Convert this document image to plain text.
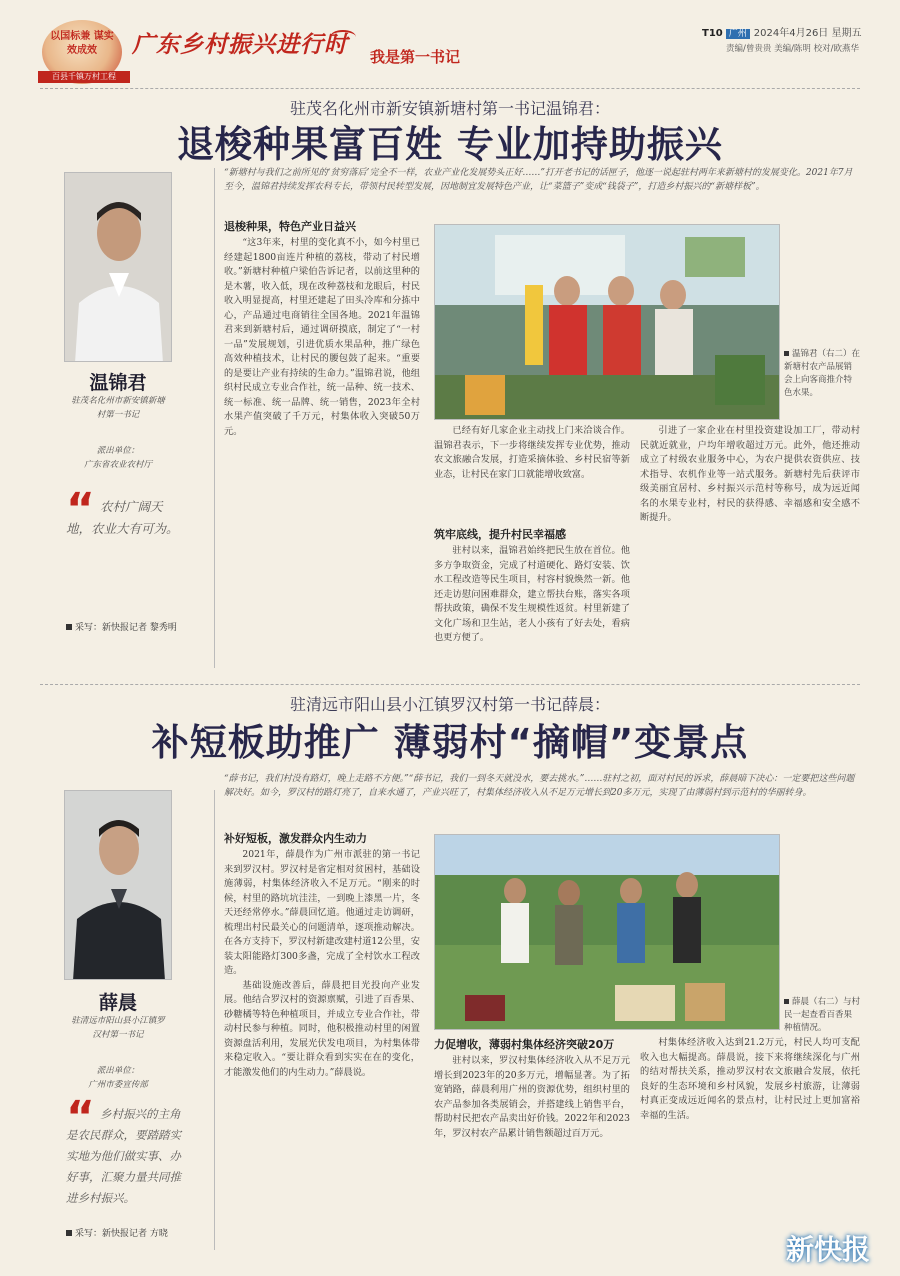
以国标兼 谋实效成效
百县千镇万村工程
广东乡村振兴进行时 我是第一书记
T10 广州 2024年4月26日 星期五
责编/曾贵贵 美编/陈明 校对/欧燕华
驻茂名化州市新安镇新塘村第一书记温锦君：
退梭种果富百姓 专业加持助振兴
“新塘村与我们之前所见的‘贫穷落后’完全不一样，农业产业化发展势头正好……”打开老书记的话匣子，他逐一说起驻村两年来新塘村的发展变化。2021年7月至今，温锦君持续发挥农科专长，带领村民转型发展，因地制宜发展特色产业，让“菜篮子”变成“钱袋子”，打造乡村振兴的“新塘样板”。
温锦君
驻茂名化州市新安镇新塘村第一书记
派出单位：
广东省农业农村厅
“ 农村广阔天地，农业大有可为。
采写：新快报记者 黎秀明
退梭种果，特色产业日益兴

“这3年来，村里的变化真不小，如今村里已经建起1800亩连片种植的荔枝，带动了村民增收。”新塘村种植户梁伯告诉记者，以前这里种的是木薯，收入低，现在改种荔枝和龙眼后，村民收入明显提高，村里还建起了田头冷库和分拣中心，产品通过电商销往全国各地。2021年温锦君来到新塘村后，通过调研摸底，制定了“一村一品”发展规划，引进优质水果品种，推广绿色高效种植技术，让村民的腰包鼓了起来。“重要的是要让产业有持续的生命力。”温锦君说，他组织村民成立专业合作社，统一品种、统一技术、统一标准、统一品牌、统一销售，2023年全村水果产值突破了千万元，村集体收入突破50万元。

温锦君（右二）在新塘村农产品展销会上向客商推介特色水果。

已经有好几家企业主动找上门来洽谈合作。温锦君表示，下一步将继续发挥专业优势，推动农文旅融合发展，打造采摘体验、乡村民宿等新业态，让村民在家门口就能增收致富。

筑牢底线，提升村民幸福感

驻村以来，温锦君始终把民生放在首位。他多方争取资金，完成了村道硬化、路灯安装、饮水工程改造等民生项目，村容村貌焕然一新。他还走访慰问困难群众，建立帮扶台账，落实各项帮扶政策，确保不发生规模性返贫。村里新建了文化广场和卫生站，老人小孩有了好去处，看病也更方便了。

引进了一家企业在村里投资建设加工厂，带动村民就近就业，户均年增收超过万元。此外，他还推动成立了村级农业服务中心，为农户提供农资供应、技术指导、农机作业等一站式服务。新塘村先后获评市级美丽宜居村、乡村振兴示范村等称号，成为远近闻名的水果专业村，村民的获得感、幸福感和安全感不断提升。

驻清远市阳山县小江镇罗汉村第一书记薛晨：
补短板助推广 薄弱村“摘帽”变景点
“薛书记，我们村没有路灯，晚上走路不方便。”“薛书记，我们一到冬天就没水，要去挑水。”……驻村之初，面对村民的诉求，薛晨暗下决心：一定要把这些问题解决好。如今，罗汉村的路灯亮了，自来水通了，产业兴旺了，村集体经济收入从不足万元增长到20多万元，实现了由薄弱村到示范村的华丽转身。
薛晨
驻清远市阳山县小江镇罗汉村第一书记
派出单位：
广州市委宣传部
“ 乡村振兴的主角是农民群众，要踏踏实实地为他们做实事、办好事，汇聚力量共同推进乡村振兴。
采写：新快报记者 方晓
补好短板，激发群众内生动力

2021年，薛晨作为广州市派驻的第一书记来到罗汉村。罗汉村是省定相对贫困村，基础设施薄弱，村集体经济收入不足万元。“刚来的时候，村里的路坑坑洼洼，一到晚上漆黑一片，冬天还经常停水。”薛晨回忆道。他通过走访调研，梳理出村民最关心的问题清单，逐项推动解决。在各方支持下，罗汉村新建改建村道12公里，安装太阳能路灯300多盏，完成了全村饮水工程改造。

基础设施改善后，薛晨把目光投向产业发展。他结合罗汉村的资源禀赋，引进了百香果、砂糖橘等特色种植项目，并成立专业合作社，带动村民参与种植。同时，他积极推动村里的闲置资源盘活利用，发展光伏发电项目，为村集体带来稳定收入。“要让群众看到实实在在的变化，才能激发他们的内生动力。”薛晨说。

薛晨（右二）与村民一起查看百香果种植情况。
力促增收，薄弱村集体经济突破20万

驻村以来，罗汉村集体经济收入从不足万元增长到2023年的20多万元，增幅显著。为了拓宽销路，薛晨利用广州的资源优势，组织村里的农产品参加各类展销会，并搭建线上销售平台，帮助村民把农产品卖出好价钱。2022年和2023年，罗汉村农产品累计销售额超过百万元。

村集体经济收入达到21.2万元，村民人均可支配收入也大幅提高。薛晨说，接下来将继续深化与广州的结对帮扶关系，推动罗汉村农文旅融合发展，依托良好的生态环境和乡村风貌，发展乡村旅游，让薄弱村真正变成远近闻名的景点村，让村民过上更加富裕幸福的生活。

新快报
